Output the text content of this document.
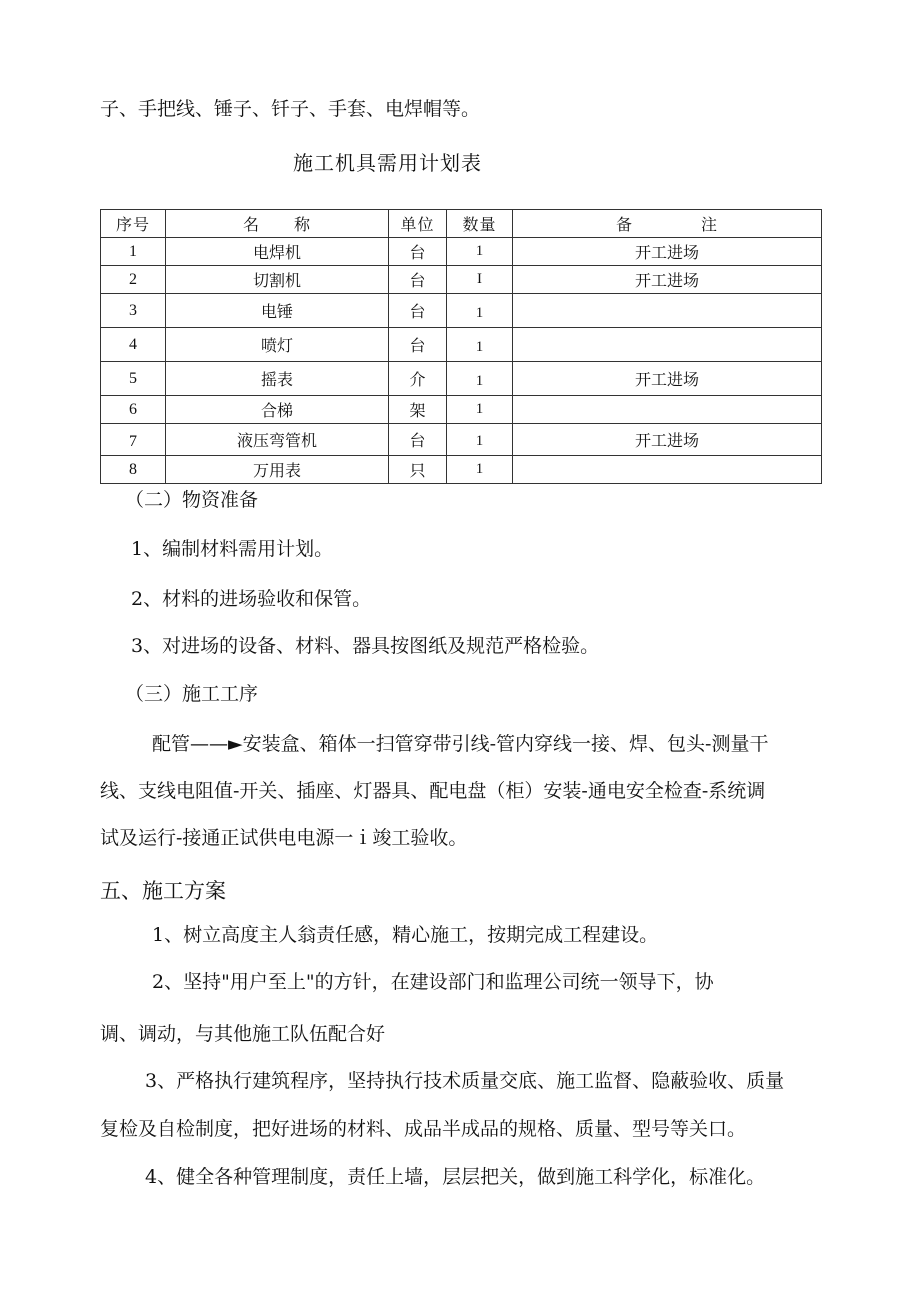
子、手把线、锤子、钎子、手套、电焊帽等。
施工机具需用计划表
序号	名　　称	单位	数量	备　　　　注
1	电焊机	台	1	开工进场
2	切割机	台	I	开工进场
3	电锤	台	1	
4	喷灯	台	1	
5	摇表	介	1	开工进场
6	合梯	架	1	
7	液压弯管机	台	1	开工进场
8	万用表	只	1	
（二）物资准备
1、编制材料需用计划。
2、材料的进场验收和保管。
3、对进场的设备、材料、器具按图纸及规范严格检验。
（三）施工工序
配管——►安装盒、箱体一扫管穿带引线-管内穿线一接、焊、包头-测量干
线、支线电阻值-开关、插座、灯器具、配电盘（柜）安装-通电安全检查-系统调
试及运行-接通正试供电电源一ｉ竣工验收。
五、施工方案
1、树立高度主人翁责任感，精心施工，按期完成工程建设。
2、坚持"用户至上"的方针，在建设部门和监理公司统一领导下，协
调、调动，与其他施工队伍配合好
3、严格执行建筑程序，坚持执行技术质量交底、施工监督、隐蔽验收、质量
复检及自检制度，把好进场的材料、成品半成品的规格、质量、型号等关口。
4、健全各种管理制度，责任上墙，层层把关，做到施工科学化，标准化。
